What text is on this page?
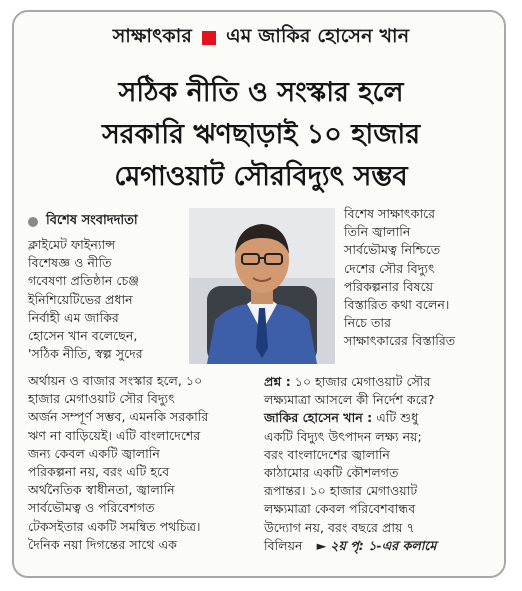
সাক্ষাৎকার এম জাকির হোসেন খান
সঠিক নীতি ও সংস্কার হলে
সরকারি ঋণছাড়াই ১০ হাজার
মেগাওয়াট সৌরবিদ্যুৎ সম্ভব
বিশেষ সংবাদদাতা

ক্লাইমেট ফাইন্যান্স

বিশেষজ্ঞ ও নীতি

গবেষণা প্রতিষ্ঠান চেঞ্জ

ইনিশিয়েটিভের প্রধান

নির্বাহী এম জাকির

হোসেন খান বলেছেন,

'সঠিক নীতি, স্বল্প সুদের

অর্থায়ন ও বাজার সংস্কার হলে, ১০

হাজার মেগাওয়াট সৌর বিদ্যুৎ

অর্জন সম্পূর্ণ সম্ভব, এমনকি সরকারি

ঋণ না বাড়িয়েই। এটি বাংলাদেশের

জন্য কেবল একটি জ্বালানি

পরিকল্পনা নয়, বরং এটি হবে

অর্থনৈতিক স্বাধীনতা, জ্বালানি

সার্বভৌমত্ব ও পরিবেশগত

টেকসইতার একটি সমন্বিত পথচিত্র।

দৈনিক নয়া দিগন্তের সাথে এক

বিশেষ সাক্ষাৎকারে

তিনি জ্বালানি

সার্বভৌমত্ব নিশ্চিতে

দেশের সৌর বিদ্যুৎ

পরিকল্পনার বিষয়ে

বিস্তারিত কথা বলেন।

নিচে তার

সাক্ষাৎকারের বিস্তারিত

প্রশ্ন : ১০ হাজার মেগাওয়াট সৌর

লক্ষ্যমাত্রা আসলে কী নির্দেশ করে?

জাকির হোসেন খান : এটি শুধু

একটি বিদ্যুৎ উৎপাদন লক্ষ্য নয়;

বরং বাংলাদেশের জ্বালানি

কাঠামোর একটি কৌশলগত

রূপান্তর। ১০ হাজার মেগাওয়াট

লক্ষ্যমাত্রা কেবল পরিবেশবান্ধব

উদ্যোগ নয়, বরং বছরে প্রায় ৭

বিলিয়ন ► ২য় পৃ: ১-এর কলামে
